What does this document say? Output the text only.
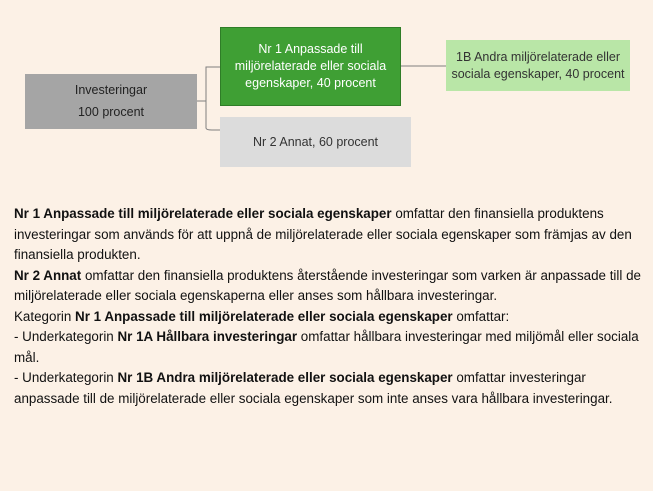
Investeringar
100 procent
Nr 1 Anpassade till miljörelaterade eller sociala egenskaper, 40 procent
Nr 2 Annat, 60 procent
1B Andra miljörelaterade eller sociala egenskaper, 40 procent

Nr 1 Anpassade till miljörelaterade eller sociala egenskaper omfattar den finansiella produktens investeringar som används för att uppnå de miljörelaterade eller sociala egenskaper som främjas av den finansiella produkten.

Nr 2 Annat omfattar den finansiella produktens återstående investeringar som varken är anpassade till de miljörelaterade eller sociala egenskaperna eller anses som hållbara investeringar.

Kategorin Nr 1 Anpassade till miljörelaterade eller sociala egenskaper omfattar:

- Underkategorin Nr 1A Hållbara investeringar omfattar hållbara investeringar med miljömål eller sociala mål.

- Underkategorin Nr 1B Andra miljörelaterade eller sociala egenskaper omfattar investeringar anpassade till de miljörelaterade eller sociala egenskaper som inte anses vara hållbara investeringar.
